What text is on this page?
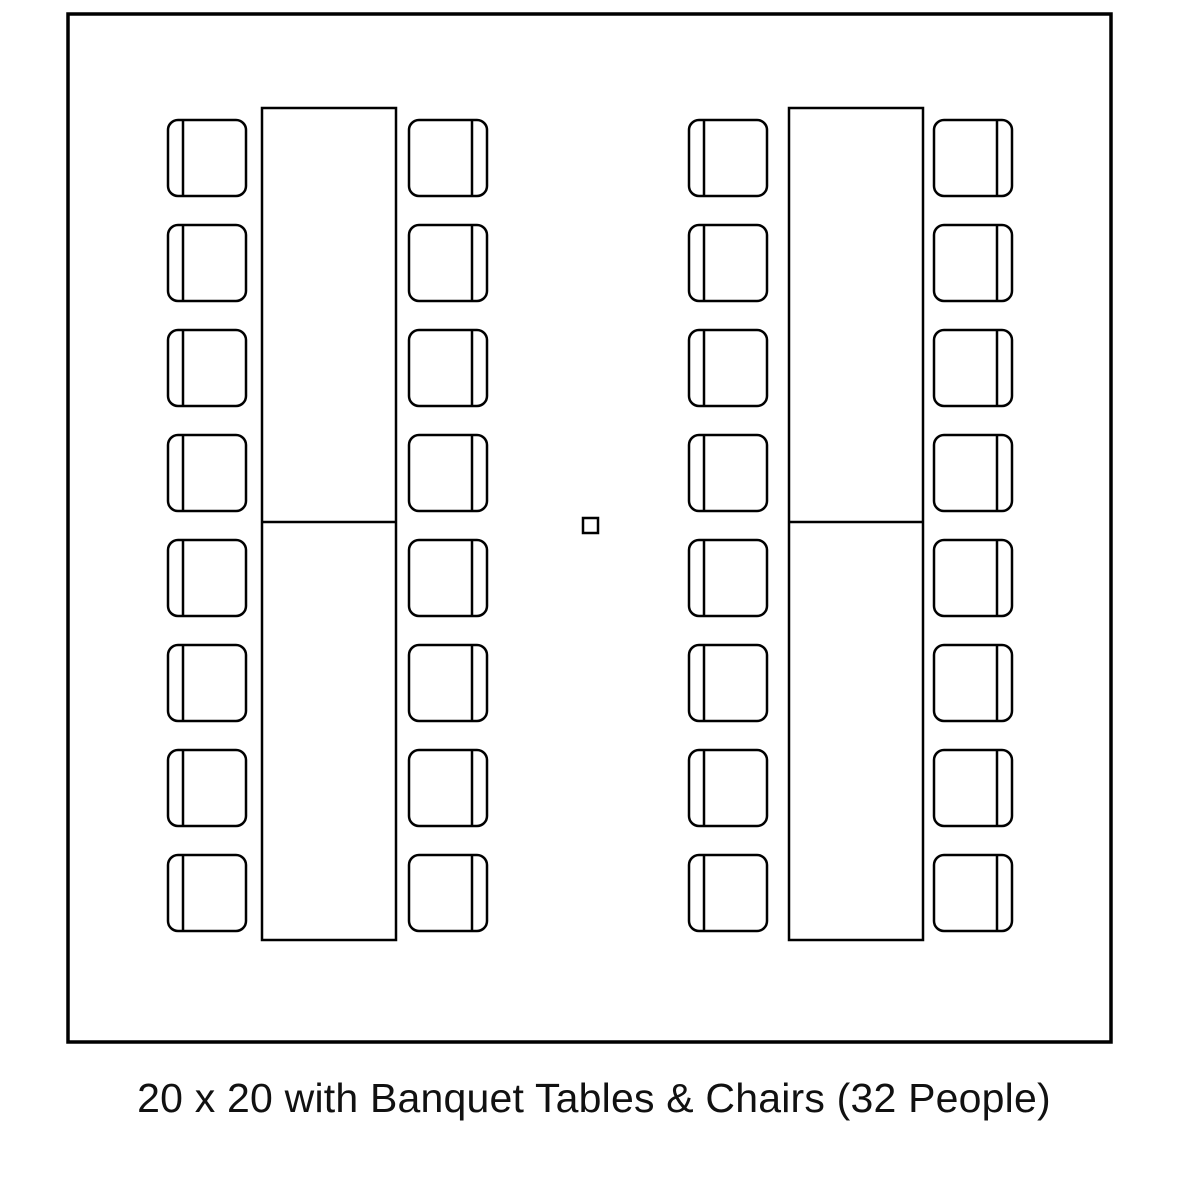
20 x 20 with Banquet Tables & Chairs (32 People)
